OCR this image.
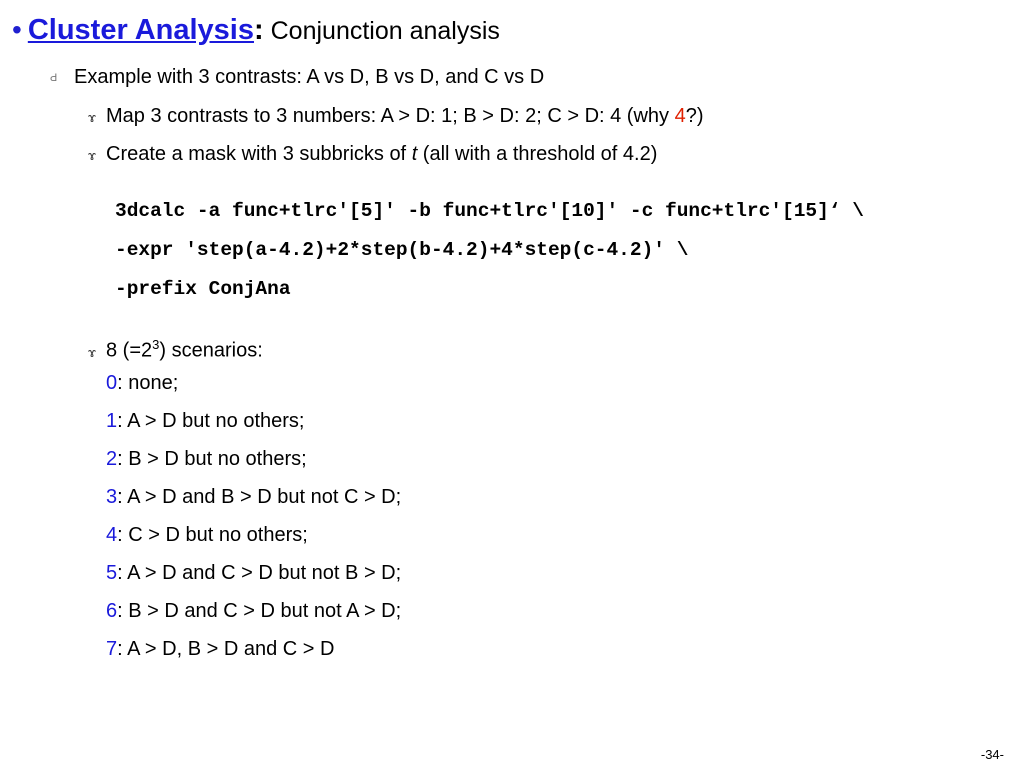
• Cluster Analysis: Conjunction analysis
Ԁ Example with 3 contrasts: A vs D, B vs D, and C vs D
ɤ Map 3 contrasts to 3 numbers: A > D: 1; B > D: 2; C > D: 4 (why 4?)
ɤ Create a mask with 3 subbricks of t (all with a threshold of 4.2)
3dcalc -a func+tlrc'[5]' -b func+tlrc'[10]' -c func+tlrc'[15]‘ \
-expr 'step(a-4.2)+2*step(b-4.2)+4*step(c-4.2)' \
-prefix ConjAna
ɤ 8 $(=2^3)$ scenarios:
0: none;
1: A > D but no others;
2: B > D but no others;
3: A > D and B > D but not C > D;
4: C > D but no others;
5: A > D and C > D but not B > D;
6: B > D and C > D but not A > D;
7: A > D, B > D and C > D
-34-
